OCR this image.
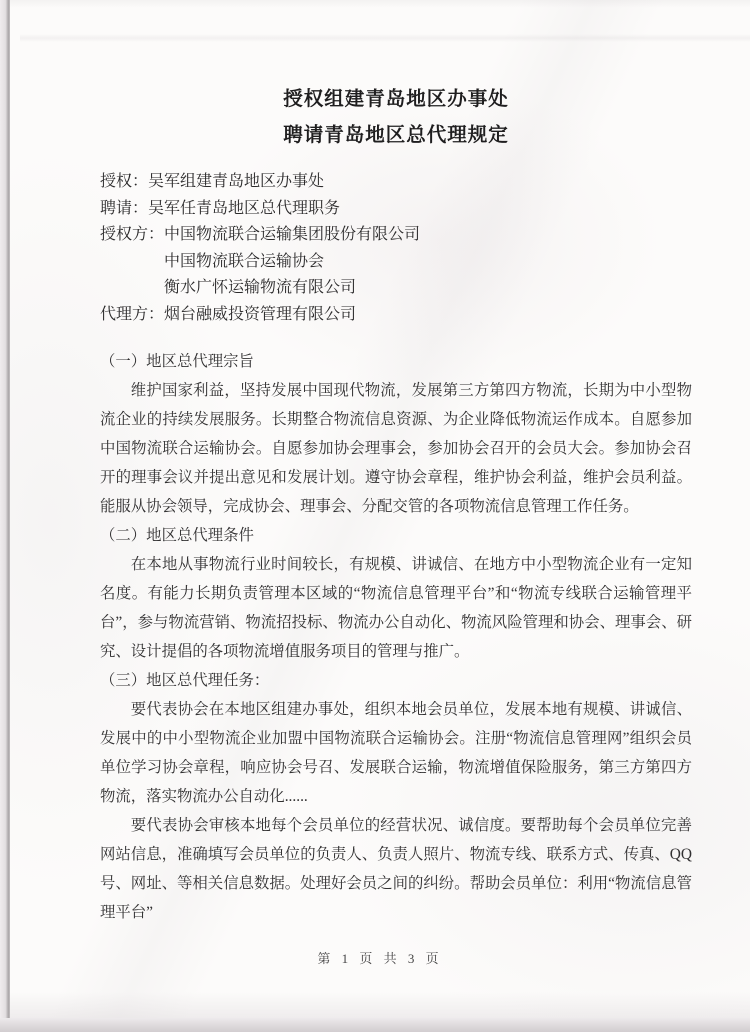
授权组建青岛地区办事处
聘请青岛地区总代理规定

授权：吴军组建青岛地区办事处

聘请：吴军任青岛地区总代理职务

授权方：中国物流联合运输集团股份有限公司

中国物流联合运输协会

衡水广怀运输物流有限公司

代理方：烟台融威投资管理有限公司

（一）地区总代理宗旨

维护国家利益，坚持发展中国现代物流，发展第三方第四方物流，长期为中小型物流企业的持续发展服务。长期整合物流信息资源、为企业降低物流运作成本。自愿参加中国物流联合运输协会。自愿参加协会理事会，参加协会召开的会员大会。参加协会召开的理事会议并提出意见和发展计划。遵守协会章程，维护协会利益，维护会员利益。能服从协会领导，完成协会、理事会、分配交管的各项物流信息管理工作任务。

（二）地区总代理条件

在本地从事物流行业时间较长，有规模、讲诚信、在地方中小型物流企业有一定知名度。有能力长期负责管理本区域的“物流信息管理平台”和“物流专线联合运输管理平台”，参与物流营销、物流招投标、物流办公自动化、物流风险管理和协会、理事会、研究、设计提倡的各项物流增值服务项目的管理与推广。

（三）地区总代理任务：

要代表协会在本地区组建办事处，组织本地会员单位，发展本地有规模、讲诚信、发展中的中小型物流企业加盟中国物流联合运输协会。注册“物流信息管理网”组织会员单位学习协会章程，响应协会号召、发展联合运输，物流增值保险服务，第三方第四方物流，落实物流办公自动化......

要代表协会审核本地每个会员单位的经营状况、诚信度。要帮助每个会员单位完善网站信息，准确填写会员单位的负责人、负责人照片、物流专线、联系方式、传真、QQ 号、网址、等相关信息数据。处理好会员之间的纠纷。帮助会员单位：利用“物流信息管理平台”

第 1 页 共 3 页
